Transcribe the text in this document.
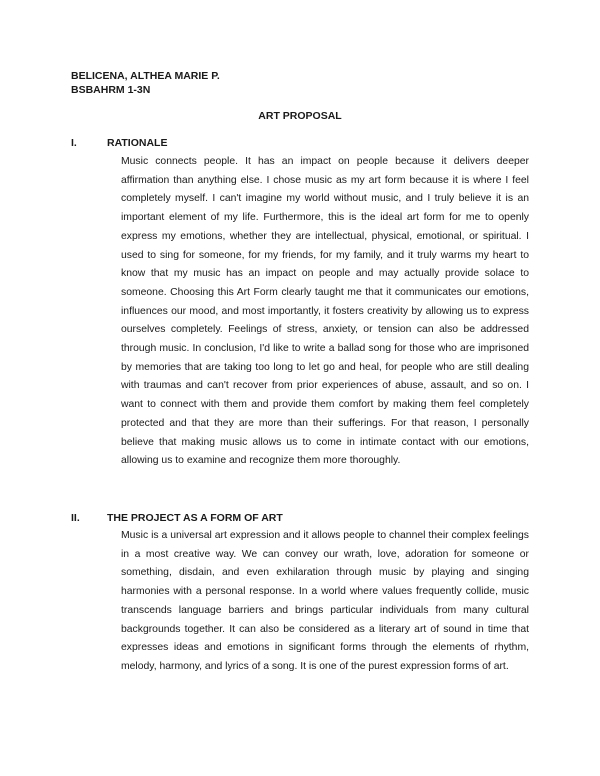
BELICENA, ALTHEA MARIE P.
BSBAHRM 1-3N
ART PROPOSAL
I.	RATIONALE

Music connects people. It has an impact on people because it delivers deeper affirmation than anything else. I chose music as my art form because it is where I feel completely myself. I can't imagine my world without music, and I truly believe it is an important element of my life. Furthermore, this is the ideal art form for me to openly express my emotions, whether they are intellectual, physical, emotional, or spiritual. I used to sing for someone, for my friends, for my family, and it truly warms my heart to know that my music has an impact on people and may actually provide solace to someone. Choosing this Art Form clearly taught me that it communicates our emotions, influences our mood, and most importantly, it fosters creativity by allowing us to express ourselves completely. Feelings of stress, anxiety, or tension can also be addressed through music. In conclusion, I'd like to write a ballad song for those who are imprisoned by memories that are taking too long to let go and heal, for people who are still dealing with traumas and can't recover from prior experiences of abuse, assault, and so on. I want to connect with them and provide them comfort by making them feel completely protected and that they are more than their sufferings. For that reason, I personally believe that making music allows us to come in intimate contact with our emotions, allowing us to examine and recognize them more thoroughly.

II.	THE PROJECT AS A FORM OF ART

Music is a universal art expression and it allows people to channel their complex feelings in a most creative way. We can convey our wrath, love, adoration for someone or something, disdain, and even exhilaration through music by playing and singing harmonies with a personal response. In a world where values frequently collide, music transcends language barriers and brings particular individuals from many cultural backgrounds together. It can also be considered as a literary art of sound in time that expresses ideas and emotions in significant forms through the elements of rhythm, melody, harmony, and lyrics of a song. It is one of the purest expression forms of art.
